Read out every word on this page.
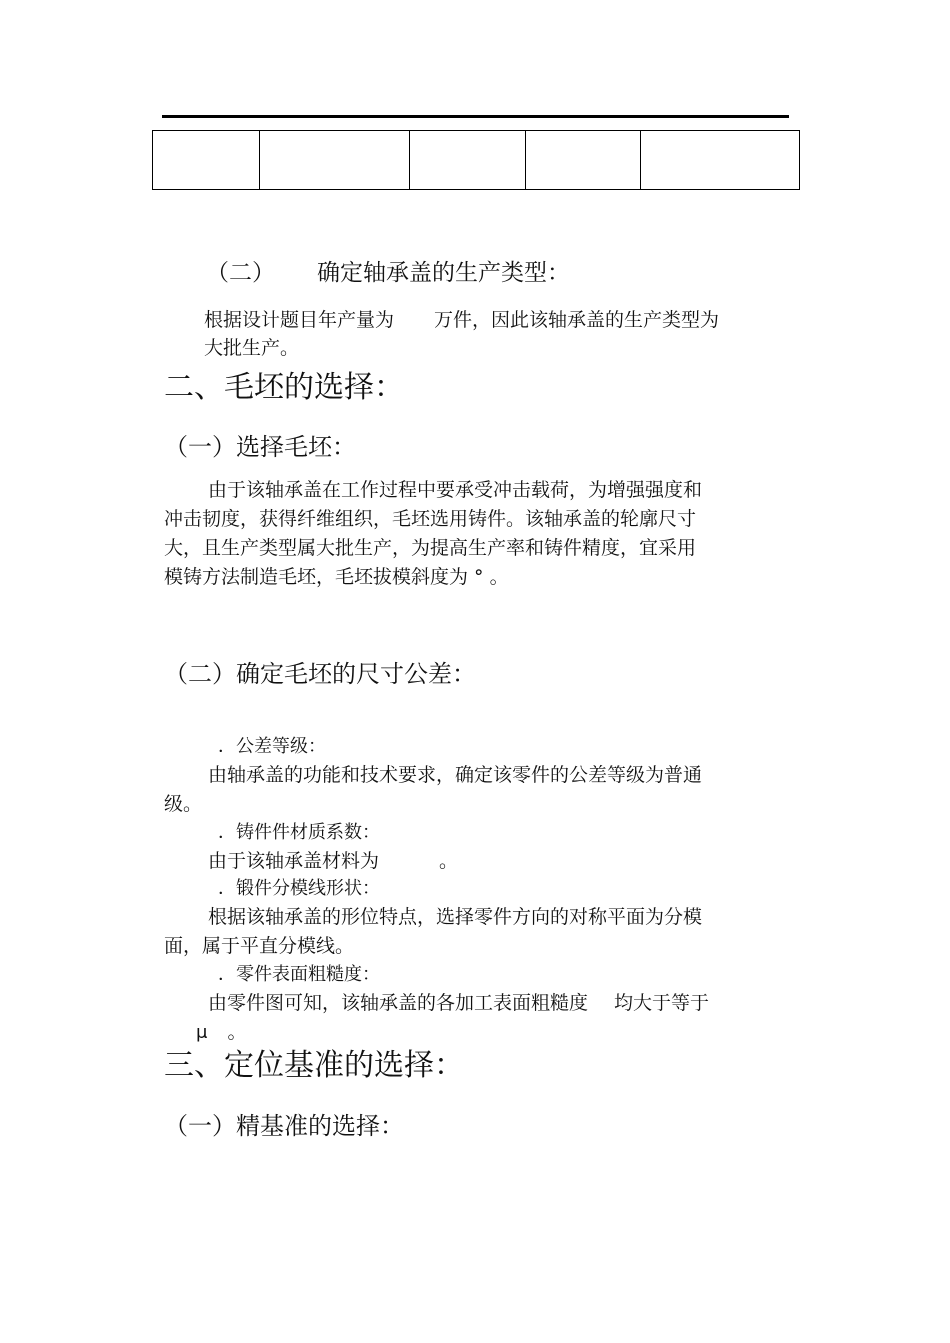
（二） 确定轴承盖的生产类型：

根据设计题目年产量为 万件，因此该轴承盖的生产类型为

大批生产。

二、毛坯的选择：

（一）选择毛坯：

由于该轴承盖在工作过程中要承受冲击载荷，为增强强度和

冲击韧度，获得纤维组织，毛坯选用铸件。该轴承盖的轮廓尺寸

大，且生产类型属大批生产，为提高生产率和铸件精度，宜采用

模铸方法制造毛坯，毛坯拔模斜度为 ° 。

（二）确定毛坯的尺寸公差：

．公差等级：

由轴承盖的功能和技术要求，确定该零件的公差等级为普通

级。

．铸件件材质系数：

由于该轴承盖材料为	。

．锻件分模线形状：

根据该轴承盖的形位特点，选择零件方向的对称平面为分模

面，属于平直分模线。

．零件表面粗糙度：

由零件图可知，该轴承盖的各加工表面粗糙度 均大于等于

μ 。

三、定位基准的选择：

（一）精基准的选择：
